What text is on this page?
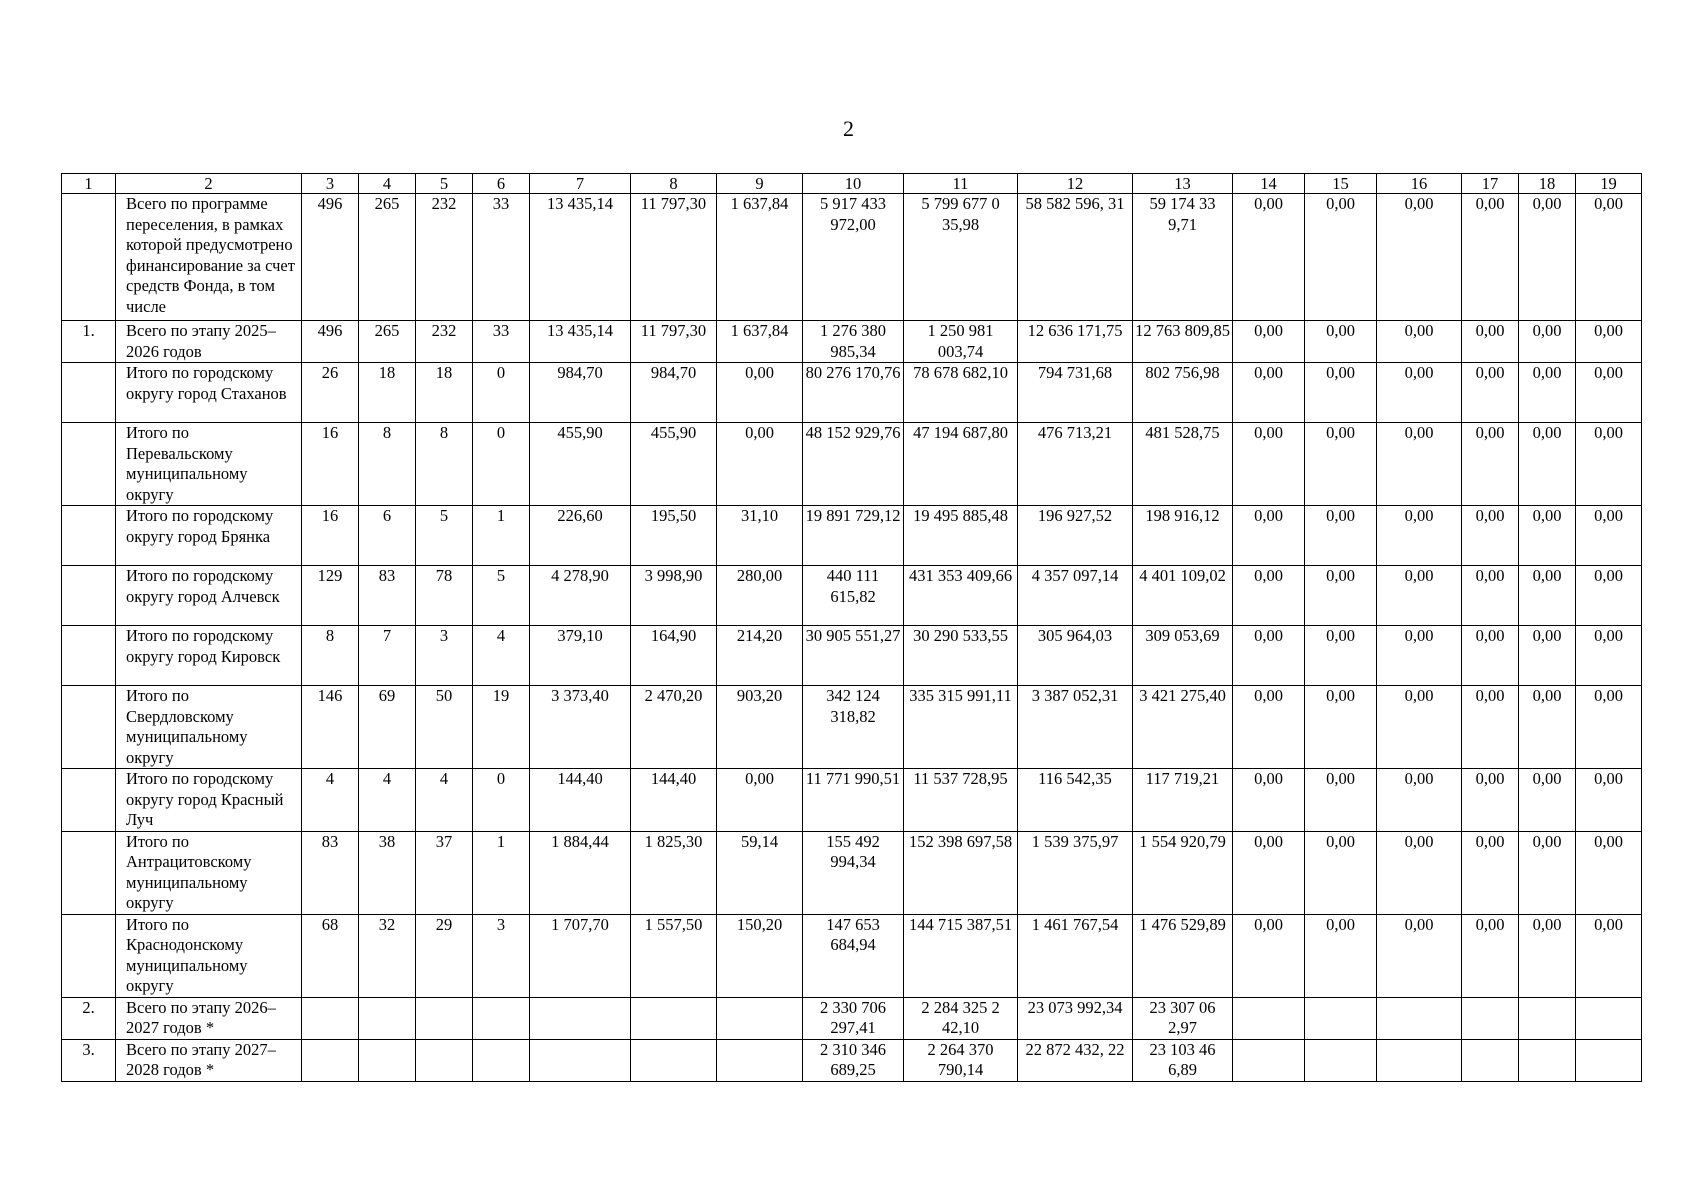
2
1	2	3	4	5	6	7	8	9	10	11	12	13	14	15	16	17	18	19
	Всего по программе переселения, в рамках которой предусмотрено финансирование за счет средств Фонда, в том числе	496	265	232	33	13 435,14	11 797,30	1 637,84	5 917 433 972,00	5 799 677 0 35,98	58 582 596, 31	59 174 33 9,71	0,00	0,00	0,00	0,00	0,00	0,00
1.	Всего по этапу 2025–2026 годов	496	265	232	33	13 435,14	11 797,30	1 637,84	1 276 380 985,34	1 250 981 003,74	12 636 171,75	12 763 809,85	0,00	0,00	0,00	0,00	0,00	0,00
	Итого по городскому округу город Стаханов	26	18	18	0	984,70	984,70	0,00	80 276 170,76	78 678 682,10	794 731,68	802 756,98	0,00	0,00	0,00	0,00	0,00	0,00
	Итого по Перевальскому муниципальному округу	16	8	8	0	455,90	455,90	0,00	48 152 929,76	47 194 687,80	476 713,21	481 528,75	0,00	0,00	0,00	0,00	0,00	0,00
	Итого по городскому округу город Брянка	16	6	5	1	226,60	195,50	31,10	19 891 729,12	19 495 885,48	196 927,52	198 916,12	0,00	0,00	0,00	0,00	0,00	0,00
	Итого по городскому округу город Алчевск	129	83	78	5	4 278,90	3 998,90	280,00	440 111 615,82	431 353 409,66	4 357 097,14	4 401 109,02	0,00	0,00	0,00	0,00	0,00	0,00
	Итого по городскому округу город Кировск	8	7	3	4	379,10	164,90	214,20	30 905 551,27	30 290 533,55	305 964,03	309 053,69	0,00	0,00	0,00	0,00	0,00	0,00
	Итого по Свердловскому муниципальному округу	146	69	50	19	3 373,40	2 470,20	903,20	342 124 318,82	335 315 991,11	3 387 052,31	3 421 275,40	0,00	0,00	0,00	0,00	0,00	0,00
	Итого по городскому округу город Красный Луч	4	4	4	0	144,40	144,40	0,00	11 771 990,51	11 537 728,95	116 542,35	117 719,21	0,00	0,00	0,00	0,00	0,00	0,00
	Итого по Антрацитовскому муниципальному округу	83	38	37	1	1 884,44	1 825,30	59,14	155 492 994,34	152 398 697,58	1 539 375,97	1 554 920,79	0,00	0,00	0,00	0,00	0,00	0,00
	Итого по Краснодонскому муниципальному округу	68	32	29	3	1 707,70	1 557,50	150,20	147 653 684,94	144 715 387,51	1 461 767,54	1 476 529,89	0,00	0,00	0,00	0,00	0,00	0,00
2.	Всего по этапу 2026–2027 годов *								2 330 706 297,41	2 284 325 2 42,10	23 073 992,34	23 307 06 2,97						
3.	Всего по этапу 2027–2028 годов *								2 310 346 689,25	2 264 370 790,14	22 872 432, 22	23 103 46 6,89						
